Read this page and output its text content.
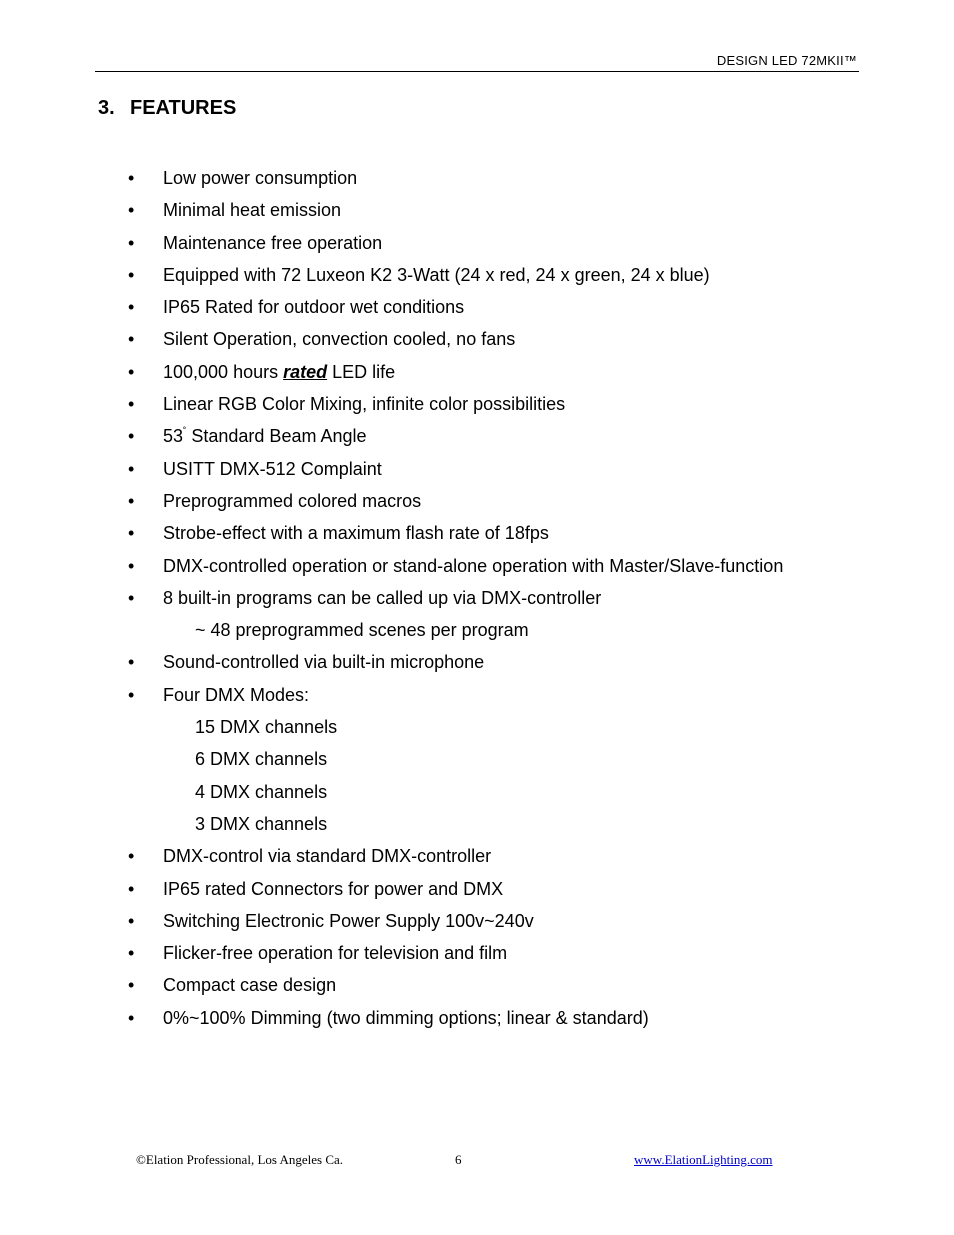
DESIGN LED 72MKII™
3. FEATURES
•	Low power consumption
•	Minimal heat emission
•	Maintenance free operation
•	Equipped with 72 Luxeon K2 3-Watt (24 x red, 24 x green, 24 x blue)
•	IP65 Rated for outdoor wet conditions
•	Silent Operation, convection cooled, no fans
•	100,000 hours rated LED life
•	Linear RGB Color Mixing, infinite color possibilities
•	53˚ Standard Beam Angle
•	USITT DMX-512 Complaint
•	Preprogrammed colored macros
•	Strobe-effect with a maximum flash rate of 18fps
•	DMX-controlled operation or stand-alone operation with Master/Slave-function
•	8 built-in programs can be called up via DMX-controller
~ 48 preprogrammed scenes per program
•	Sound-controlled via built-in microphone
•	Four DMX Modes:
15 DMX channels
6 DMX channels
4 DMX channels
3 DMX channels
•	DMX-control via standard DMX-controller
•	IP65 rated Connectors for power and DMX
•	Switching Electronic Power Supply 100v~240v
•	Flicker-free operation for television and film
•	Compact case design
•	0%~100% Dimming (two dimming options; linear & standard)
©Elation Professional, Los Angeles Ca.	6	www.ElationLighting.com
